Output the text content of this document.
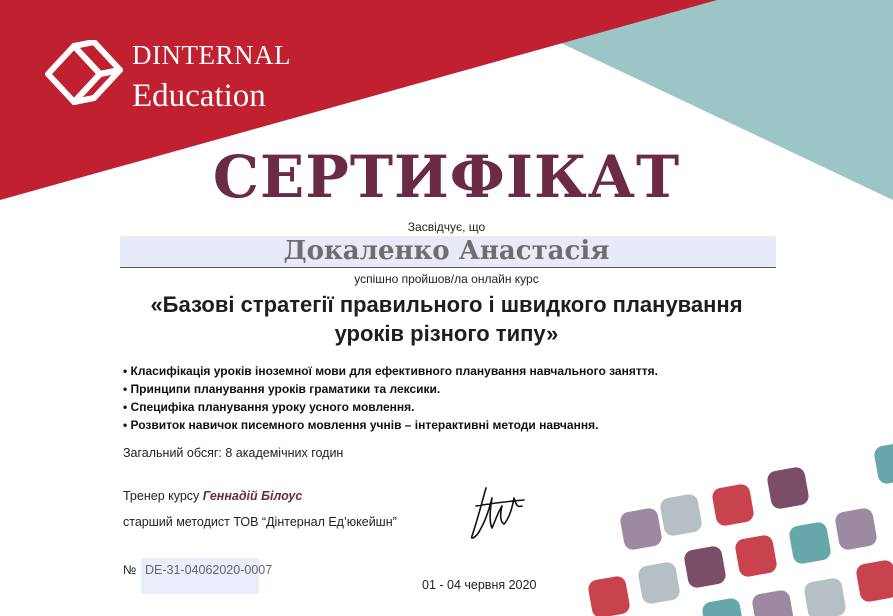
DINTERNAL
Education
СЕРТИФІКАТ
Засвідчує, що
Докаленко Анастасія
успішно пройшов/ла онлайн курс
«Базові стратегії правильного і швидкого планування
уроків різного типу»
• Класифікація уроків іноземної мови для ефективного планування навчального заняття.
• Принципи планування уроків граматики та лексики.
• Специфіка планування уроку усного мовлення.
• Розвиток навичок писемного мовлення учнів – інтерактивні методи навчання.
Загальний обсяг: 8 академічних годин
Тренер курсу Геннадій Білоус
старший методист ТОВ “Дінтернал Ед’юкейшн”
№ DE-31-04062020-0007
01 - 04 червня 2020
